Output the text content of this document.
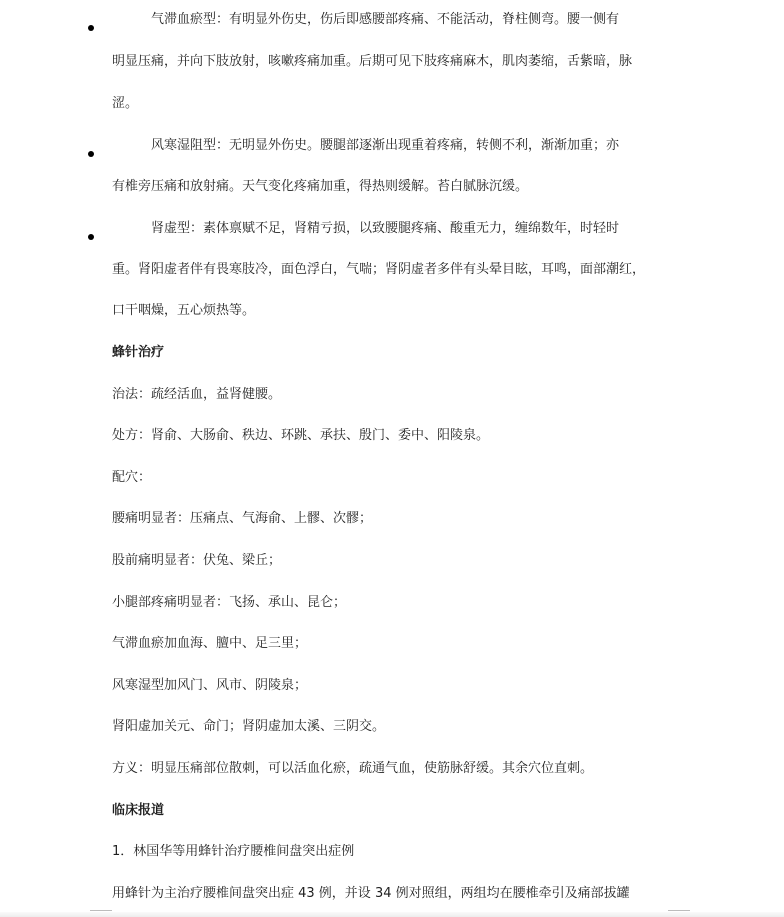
　　　气滞血瘀型：有明显外伤史，伤后即感腰部疼痛、不能活动，脊柱侧弯。腰一侧有
明显压痛，并向下肢放射，咳嗽疼痛加重。后期可见下肢疼痛麻木，肌肉萎缩，舌紫暗，脉
涩。
　　　风寒湿阻型：无明显外伤史。腰腿部逐渐出现重着疼痛，转侧不利，渐渐加重；亦
有椎旁压痛和放射痛。天气变化疼痛加重，得热则缓解。苔白腻脉沉缓。
　　　肾虚型：素体禀赋不足，肾精亏损，以致腰腿疼痛、酸重无力，缠绵数年，时轻时
重。肾阳虚者伴有畏寒肢冷，面色浮白，气喘；肾阴虚者多伴有头晕目眩，耳鸣，面部潮红，
口干咽燥，五心烦热等。
蜂针治疗
治法：疏经活血，益肾健腰。
处方：肾俞、大肠俞、秩边、环跳、承扶、殷门、委中、阳陵泉。
配穴：
腰痛明显者：压痛点、气海俞、上髎、次髎；
股前痛明显者：伏兔、梁丘；
小腿部疼痛明显者：飞扬、承山、昆仑；
气滞血瘀加血海、膻中、足三里；
风寒湿型加风门、风市、阴陵泉；
肾阳虚加关元、命门；肾阴虚加太溪、三阴交。
方义：明显压痛部位散刺，可以活血化瘀，疏通气血，使筋脉舒缓。其余穴位直刺。
临床报道
1．林国华等用蜂针治疗腰椎间盘突出症例
用蜂针为主治疗腰椎间盘突出症 43 例，并设 34 例对照组，两组均在腰椎牵引及痛部拔罐
